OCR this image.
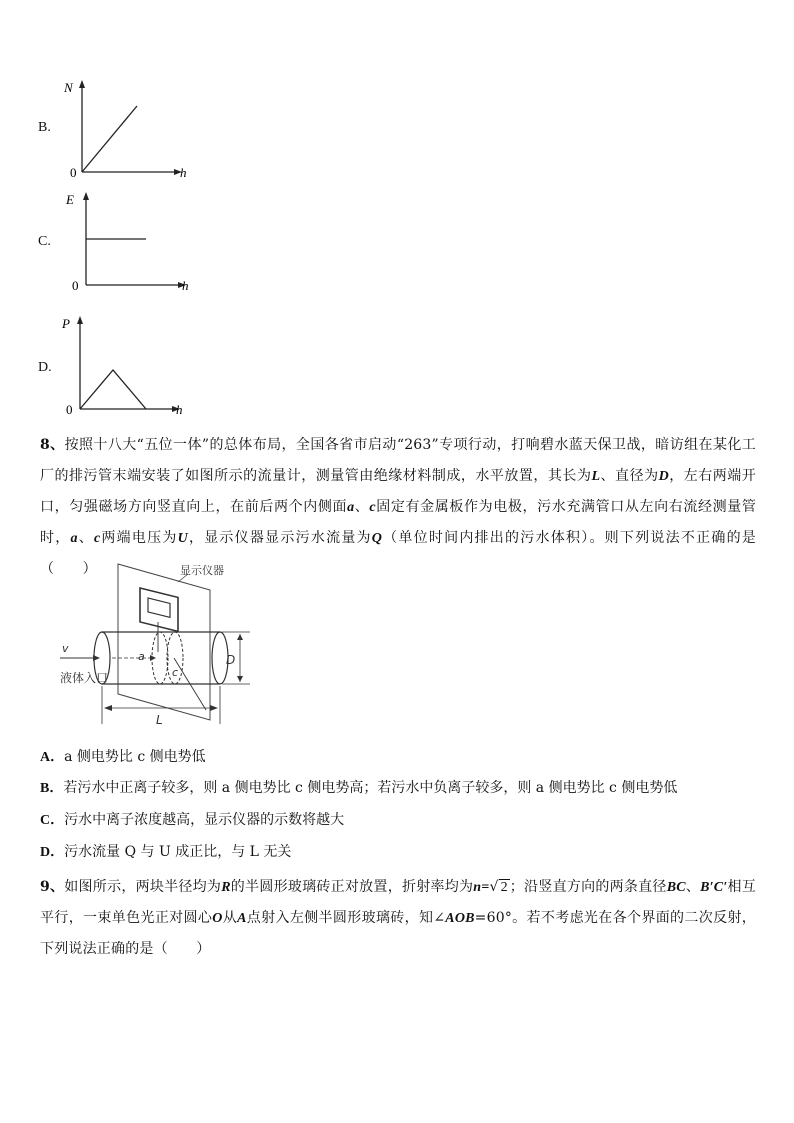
B.
N
h
0
C.
E
h
0
D.
P
h
0
8、按照十八大“五位一体”的总体布局，全国各省市启动“263”专项行动，打响碧水蓝天保卫战，暗访组在某化工厂的排污管末端安装了如图所示的流量计，测量管由绝缘材料制成，水平放置，其长为L、直径为D，左右两端开口，匀强磁场方向竖直向上，在前后两个内侧面a、c固定有金属板作为电极，污水充满管口从左向右流经测量管时，a、c两端电压为U，显示仪器显示污水流量为Q（单位时间内排出的污水体积）。则下列说法不正确的是（　　）	显示仪器
v
液体入口
a
c
D
L
A．a 侧电势比 c 侧电势低
B．若污水中正离子较多，则 a 侧电势比 c 侧电势高；若污水中负离子较多，则 a 侧电势比 c 侧电势低
C．污水中离子浓度越高，显示仪器的示数将越大
D．污水流量 Q 与 U 成正比，与 L 无关
9、如图所示，两块半径均为R的半圆形玻璃砖正对放置，折射率均为n=√ 2 ；沿竖直方向的两条直径BC、B′C′相互平行，一束单色光正对圆心O从A点射入左侧半圆形玻璃砖，知∠AOB=60°。若不考虑光在各个界面的二次反射，下列说法正确的是（　　）
